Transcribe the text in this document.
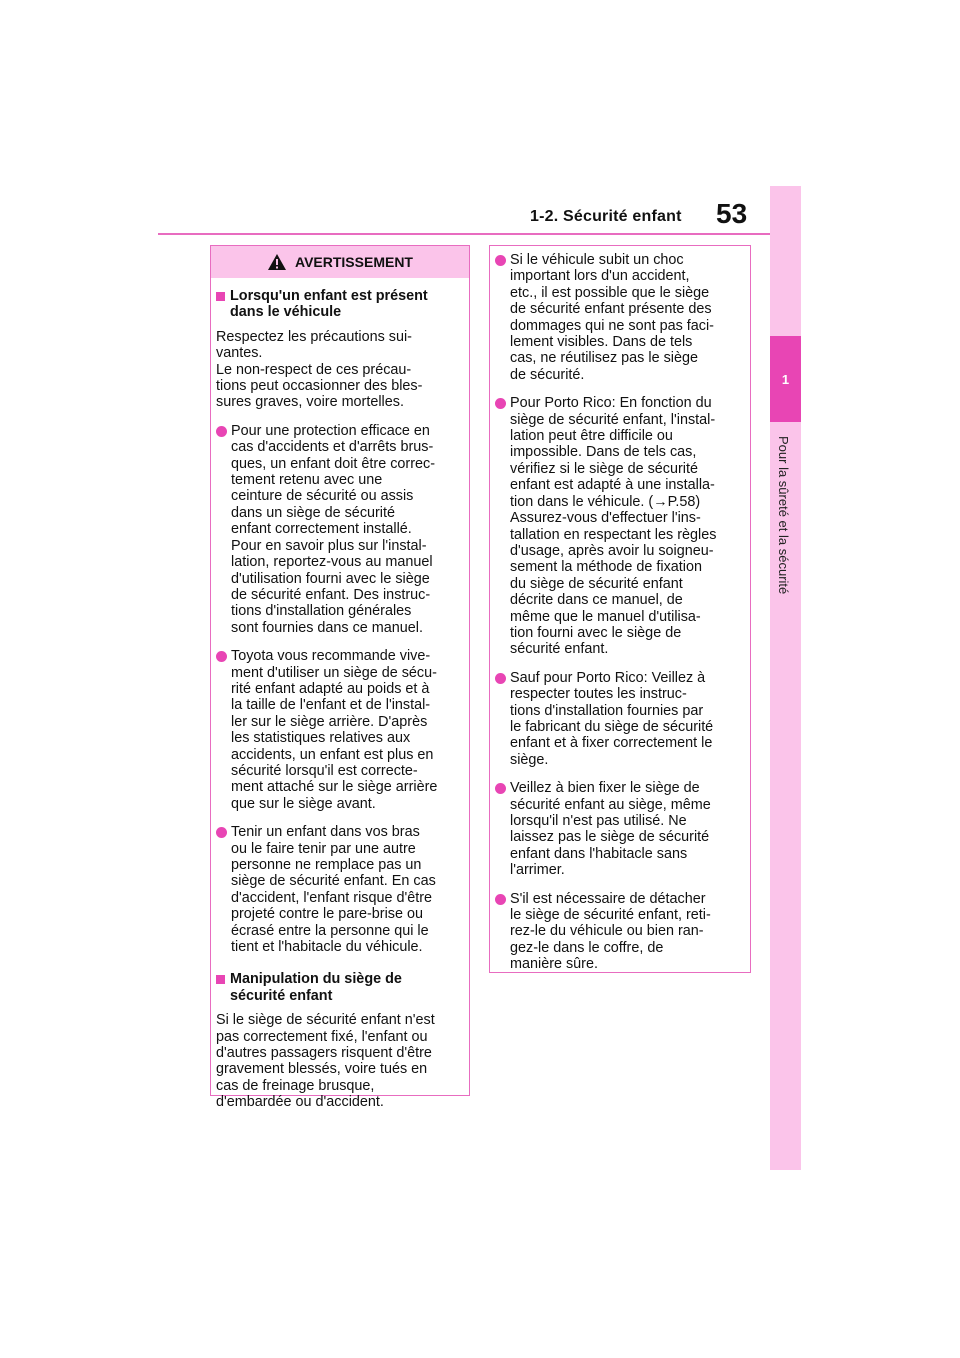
1-2. Sécurité enfant 53
1
Pour la sûreté et la sécurité
AVERTISSEMENT
Lorsqu'un enfant est présent
dans le véhicule
Respectez les précautions sui-
vantes.
Le non-respect de ces précau-
tions peut occasionner des bles-
sures graves, voire mortelles.
Pour une protection efficace en
cas d'accidents et d'arrêts brus-
ques, un enfant doit être correc-
tement retenu avec une
ceinture de sécurité ou assis
dans un siège de sécurité
enfant correctement installé.
Pour en savoir plus sur l'instal-
lation, reportez-vous au manuel
d'utilisation fourni avec le siège
de sécurité enfant. Des instruc-
tions d'installation générales
sont fournies dans ce manuel.
Toyota vous recommande vive-
ment d'utiliser un siège de sécu-
rité enfant adapté au poids et à
la taille de l'enfant et de l'instal-
ler sur le siège arrière. D'après
les statistiques relatives aux
accidents, un enfant est plus en
sécurité lorsqu'il est correcte-
ment attaché sur le siège arrière
que sur le siège avant.
Tenir un enfant dans vos bras
ou le faire tenir par une autre
personne ne remplace pas un
siège de sécurité enfant. En cas
d'accident, l'enfant risque d'être
projeté contre le pare-brise ou
écrasé entre la personne qui le
tient et l'habitacle du véhicule.
Manipulation du siège de
sécurité enfant
Si le siège de sécurité enfant n'est
pas correctement fixé, l'enfant ou
d'autres passagers risquent d'être
gravement blessés, voire tués en
cas de freinage brusque,
d'embardée ou d'accident.
Si le véhicule subit un choc
important lors d'un accident,
etc., il est possible que le siège
de sécurité enfant présente des
dommages qui ne sont pas faci-
lement visibles. Dans de tels
cas, ne réutilisez pas le siège
de sécurité.
Pour Porto Rico: En fonction du
siège de sécurité enfant, l'instal-
lation peut être difficile ou
impossible. Dans de tels cas,
vérifiez si le siège de sécurité
enfant est adapté à une installa-
tion dans le véhicule. (→P.58)
Assurez-vous d'effectuer l'ins-
tallation en respectant les règles
d'usage, après avoir lu soigneu-
sement la méthode de fixation
du siège de sécurité enfant
décrite dans ce manuel, de
même que le manuel d'utilisa-
tion fourni avec le siège de
sécurité enfant.
Sauf pour Porto Rico: Veillez à
respecter toutes les instruc-
tions d'installation fournies par
le fabricant du siège de sécurité
enfant et à fixer correctement le
siège.
Veillez à bien fixer le siège de
sécurité enfant au siège, même
lorsqu'il n'est pas utilisé. Ne
laissez pas le siège de sécurité
enfant dans l'habitacle sans
l'arrimer.
S'il est nécessaire de détacher
le siège de sécurité enfant, reti-
rez-le du véhicule ou bien ran-
gez-le dans le coffre, de
manière sûre.
